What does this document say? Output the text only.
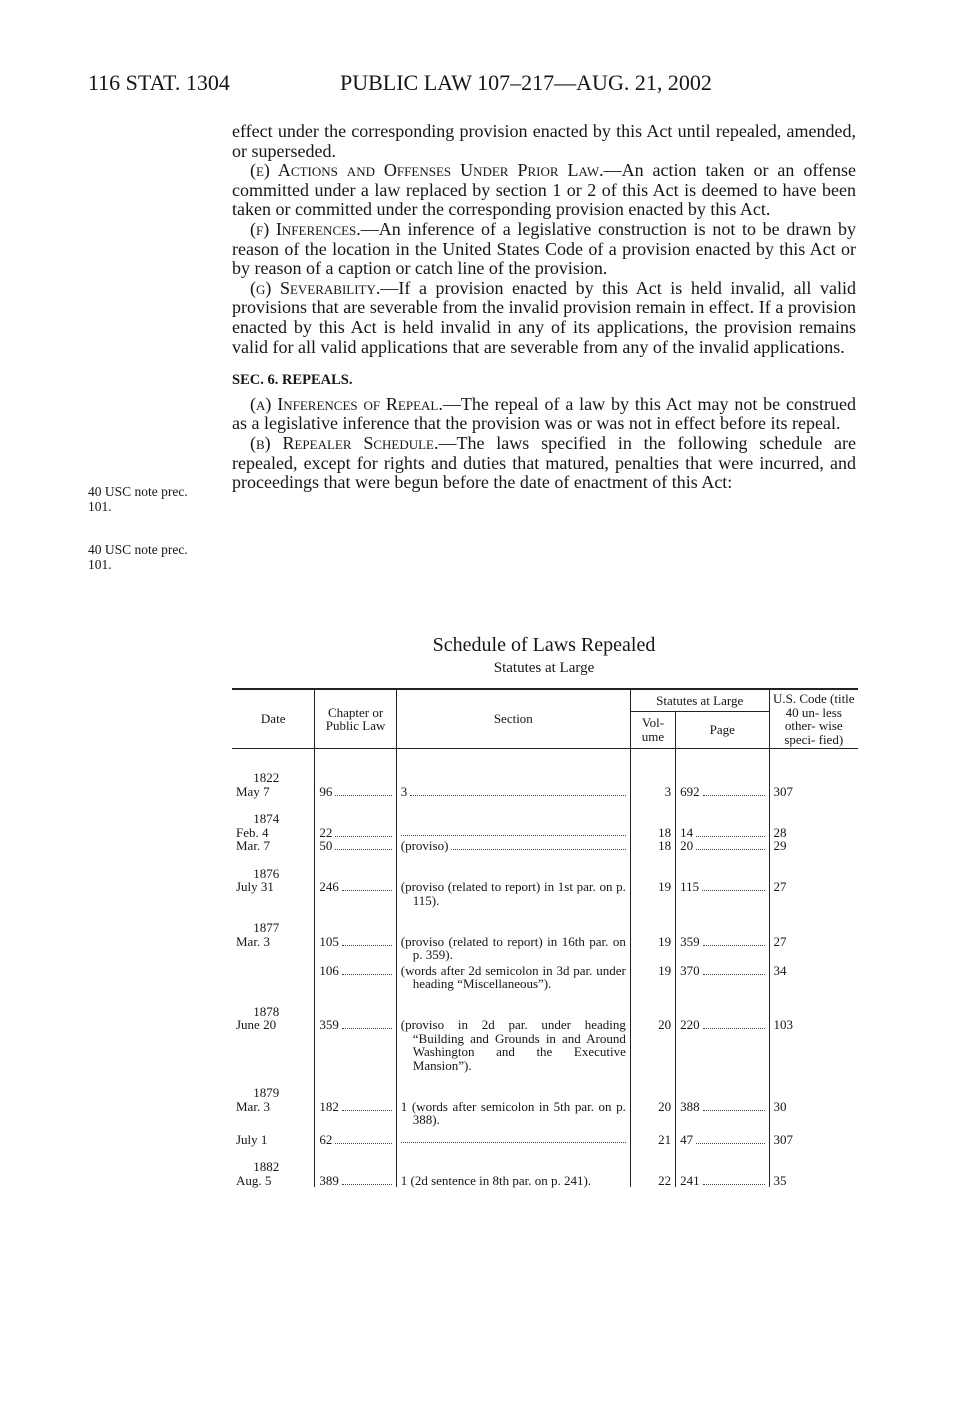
116 STAT. 1304	PUBLIC LAW 107–217—AUG. 21, 2002
40 USC note prec. 101.
40 USC note prec. 101.

effect under the corresponding provision enacted by this Act until repealed, amended, or superseded.

(e) Actions and Offenses Under Prior Law.—An action taken or an offense committed under a law replaced by section 1 or 2 of this Act is deemed to have been taken or committed under the corresponding provision enacted by this Act.

(f) Inferences.—An inference of a legislative construction is not to be drawn by reason of the location in the United States Code of a provision enacted by this Act or by reason of a caption or catch line of the provision.

(g) Severability.—If a provision enacted by this Act is held invalid, all valid provisions that are severable from the invalid provision remain in effect. If a provision enacted by this Act is held invalid in any of its applications, the provision remains valid for all valid applications that are severable from any of the invalid applications.

SEC. 6. REPEALS.

(a) Inferences of Repeal.—The repeal of a law by this Act may not be construed as a legislative inference that the provision was or was not in effect before its repeal.

(b) Repealer Schedule.—The laws specified in the following schedule are repealed, except for rights and duties that matured, penalties that were incurred, and proceedings that were begun before the date of enactment of this Act:

Schedule of Laws Repealed
Statutes at Large
Date	Chapter or Public Law	Section	Statutes at Large		U.S. Code (title 40 un- less other- wise speci- fied)
			Vol- ume	Page	

1822
May 7	96	3	3	692	307

1874
Feb. 4	22		18	14	28

Mar. 7	50	(proviso)	18	20	29

1876
July 31	246	(proviso (related to report) in 1st par. on p. 115).	19	115	27

1877
Mar. 3	105	(proviso (related to report) in 16th par. on p. 359).	19	359	27

	106	(words after 2d semicolon in 3d par. under heading “Miscellaneous”).	19	370	34

1878
June 20	359	(proviso in 2d par. under heading “Building and Grounds in and Around Washington and the Executive Mansion”).	20	220	103

1879
Mar. 3	182	1 (words after semicolon in 5th par. on p. 388).	20	388	30

July 1	62		21	47	307

1882
Aug. 5	389	1 (2d sentence in 8th par. on p. 241).	22	241	35
